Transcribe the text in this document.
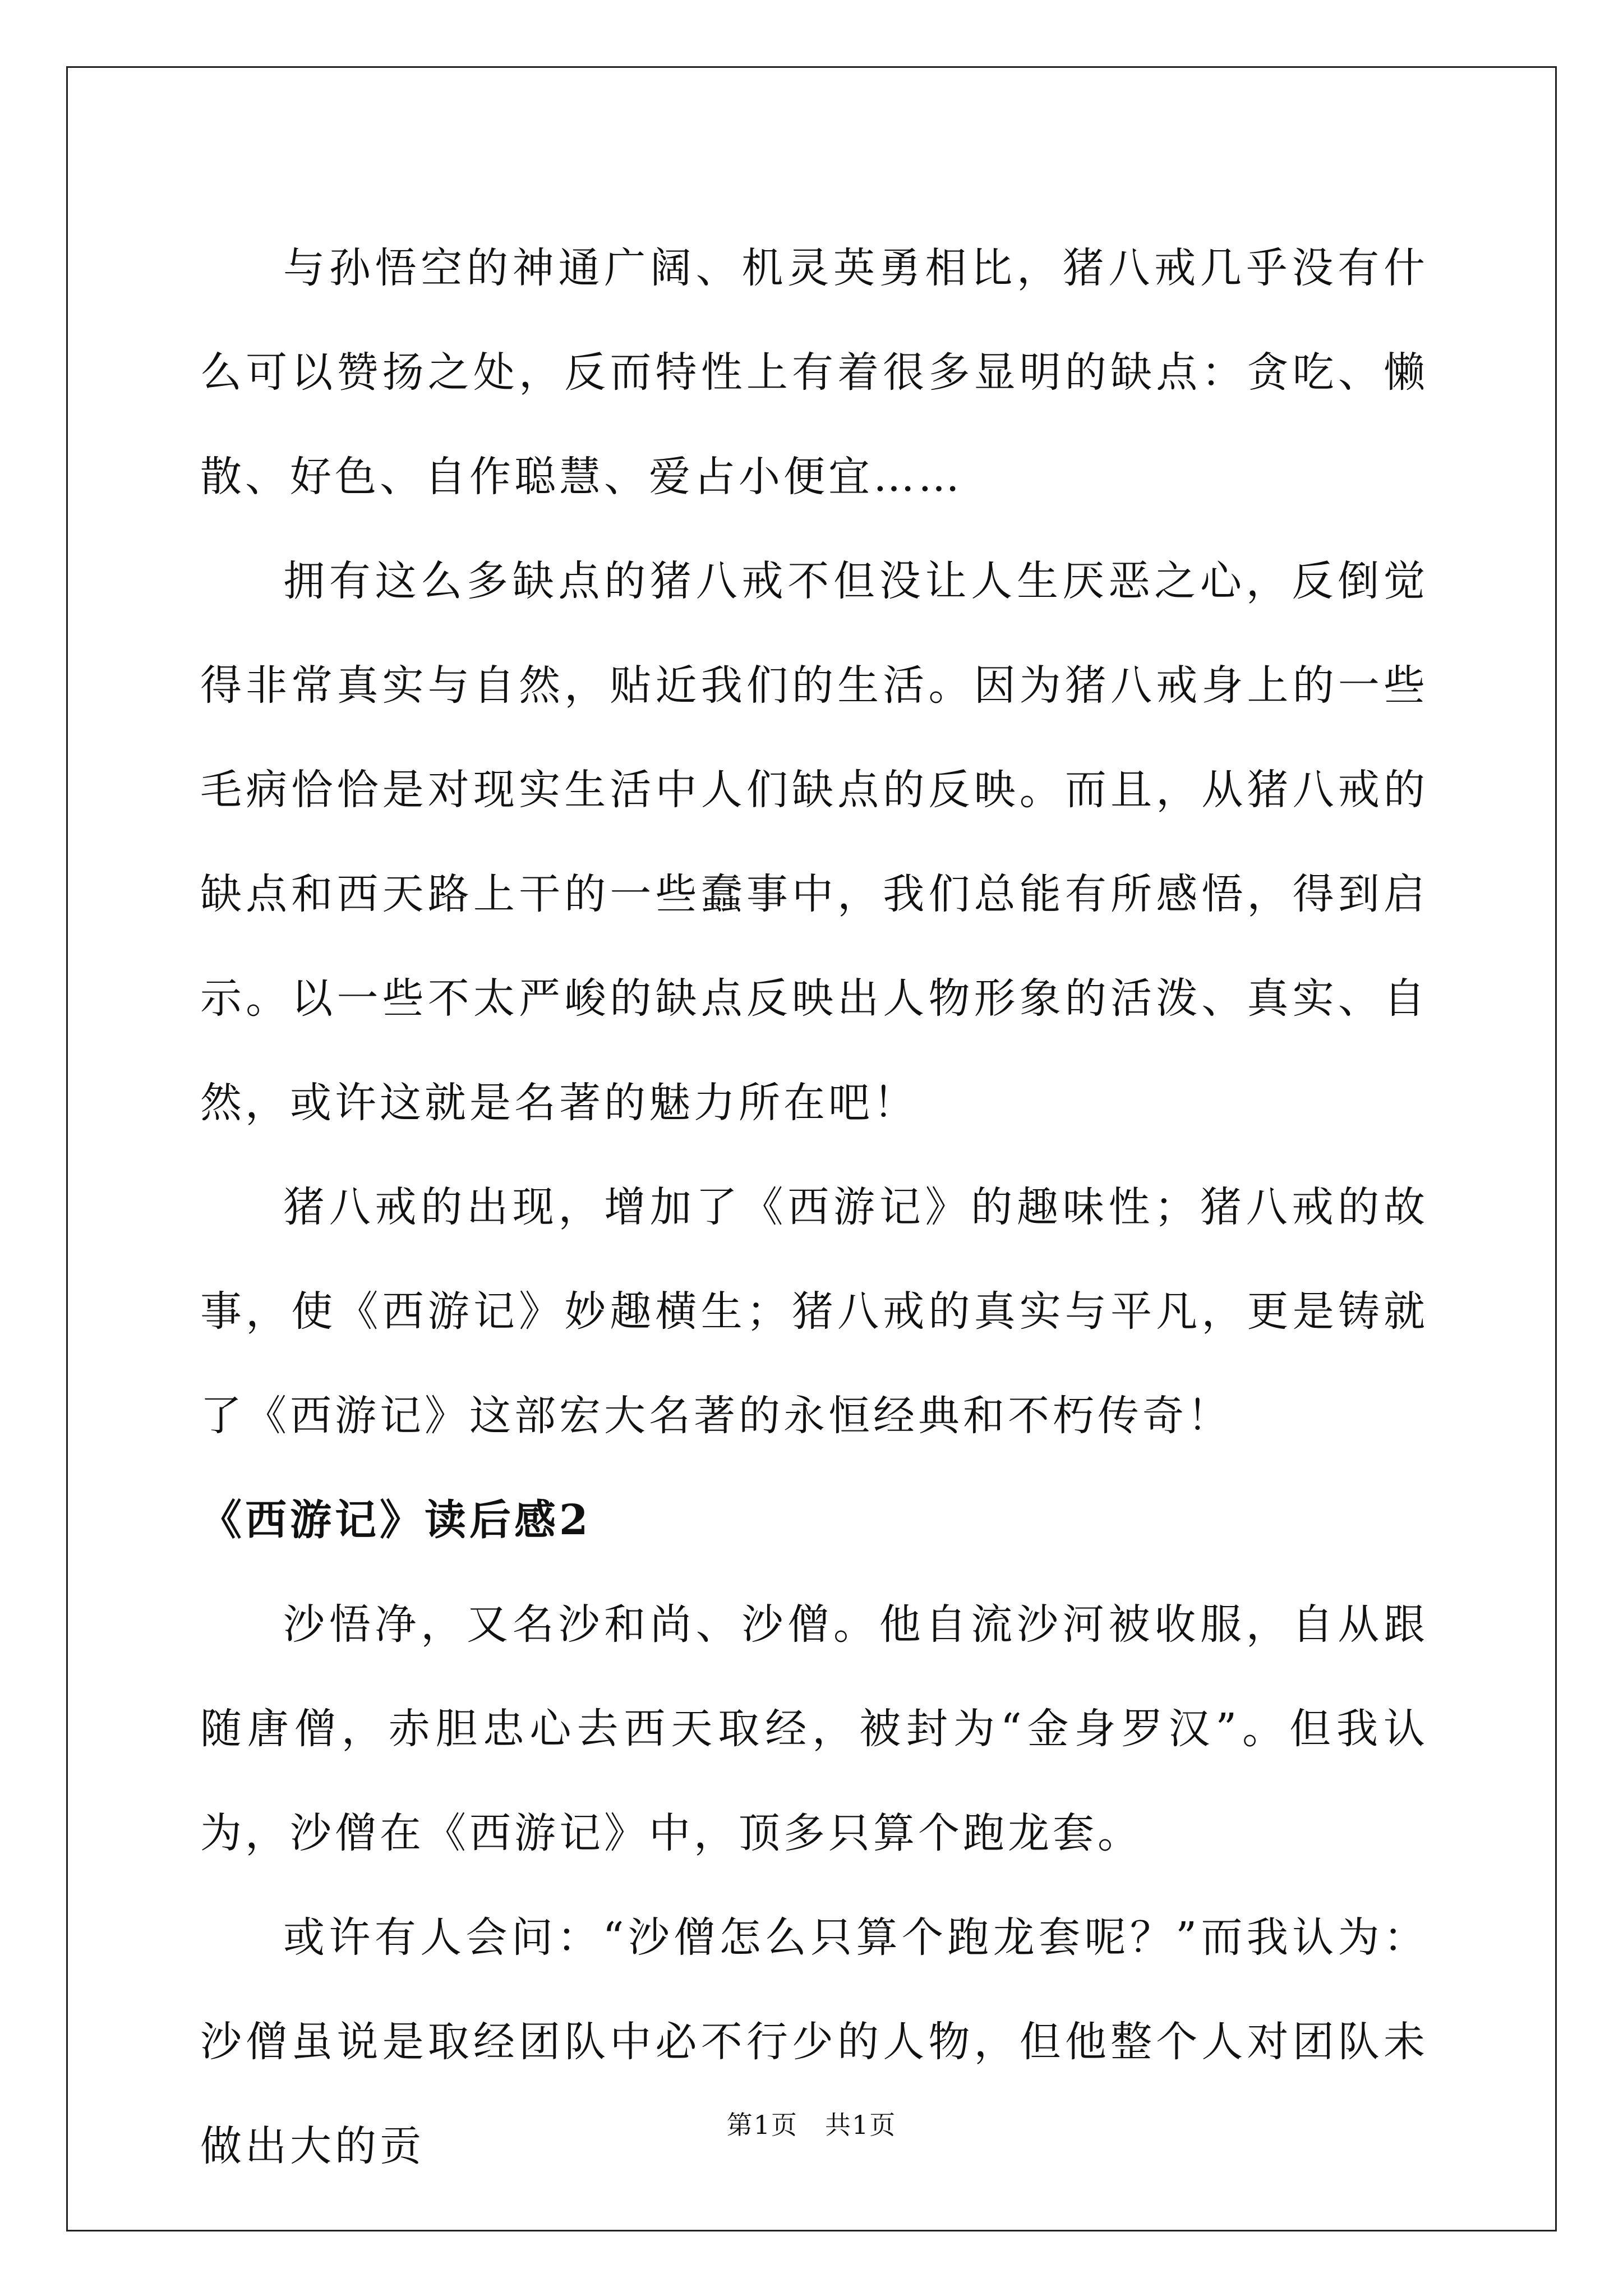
与孙悟空的神通广阔、机灵英勇相比，猪八戒几乎没有什么可以赞扬之处，反而特性上有着很多显明的缺点：贪吃、懒散、好色、自作聪慧、爱占小便宜……

拥有这么多缺点的猪八戒不但没让人生厌恶之心，反倒觉得非常真实与自然，贴近我们的生活。因为猪八戒身上的一些毛病恰恰是对现实生活中人们缺点的反映。而且，从猪八戒的缺点和西天路上干的一些蠢事中，我们总能有所感悟，得到启示。以一些不太严峻的缺点反映出人物形象的活泼、真实、自然，或许这就是名著的魅力所在吧！

猪八戒的出现，增加了《西游记》的趣味性；猪八戒的故事，使《西游记》妙趣横生；猪八戒的真实与平凡，更是铸就了《西游记》这部宏大名著的永恒经典和不朽传奇！

《西游记》读后感2

沙悟净，又名沙和尚、沙僧。他自流沙河被收服，自从跟随唐僧，赤胆忠心去西天取经，被封为“金身罗汉”。但我认为，沙僧在《西游记》中，顶多只算个跑龙套。

或许有人会问：“沙僧怎么只算个跑龙套呢？”而我认为：沙僧虽说是取经团队中必不行少的人物，但他整个人对团队未做出大的贡	第1页　共1页
